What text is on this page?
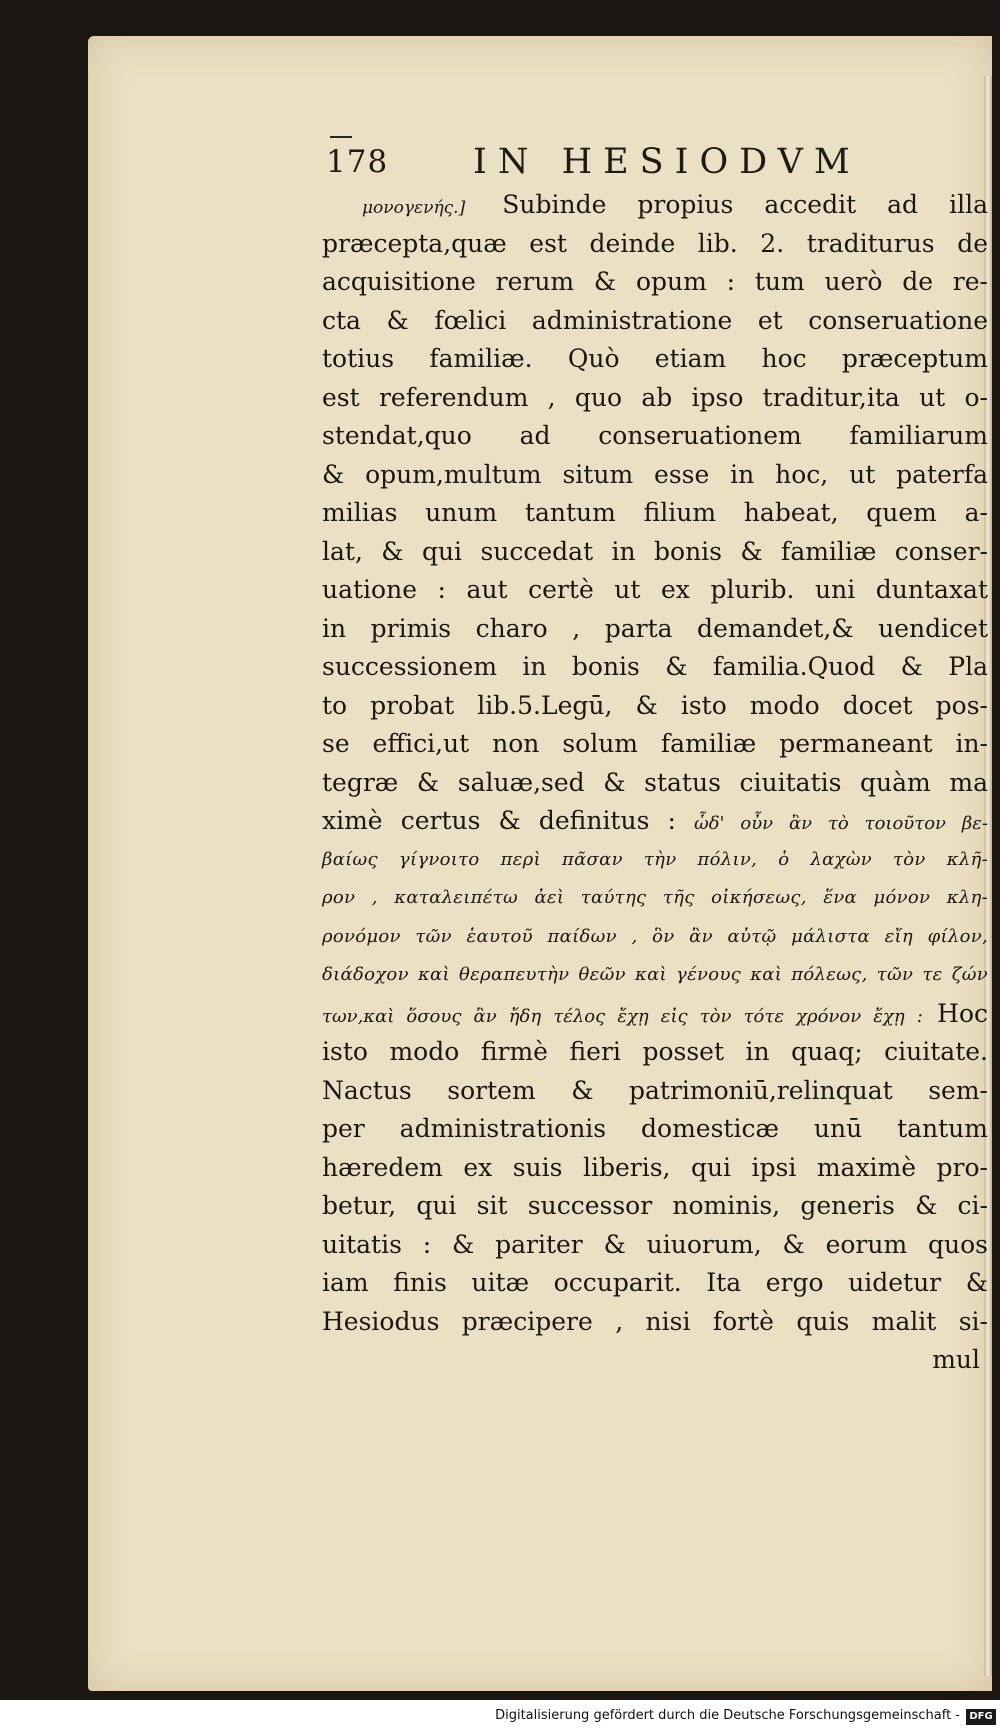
178 IN HESIODVM
μονογενής.] Subinde propius accedit ad illa
præcepta,quæ est deinde lib. 2. traditurus de
acquisitione rerum & opum : tum uerò de re-
cta & fœlici administratione et conseruatione
totius familiæ. Quò etiam hoc præceptum
est referendum , quo ab ipso traditur,ita ut o-
stendat,quo ad conseruationem familiarum
& opum,multum situm esse in hoc, ut paterfa
milias unum tantum filium habeat, quem a-
lat, & qui succedat in bonis & familiæ conser-
uatione : aut certè ut ex plurib. uni duntaxat
in primis charo , parta demandet,& uendicet
successionem in bonis & familia.Quod & Pla
to probat lib.5.Legū, & isto modo docet pos-
se effici,ut non solum familiæ permaneant in-
tegræ & saluæ,sed & status ciuitatis quàm ma
ximè certus & definitus : ὧδ' οὖν ἂν τὸ τοιοῦτον βε-
βαίως γίγνοιτο περὶ πᾶσαν τὴν πόλιν, ὁ λαχὼν τὸν κλῆ-
ρον , καταλειπέτω ἀεὶ ταύτης τῆς οἰκήσεως, ἕνα μόνον κλη-
ρονόμον τῶν ἑαυτοῦ παίδων , ὃν ἂν αὐτῷ μάλιστα εἴη φίλον,
διάδοχον καὶ θεραπευτὴν θεῶν καὶ γένους καὶ πόλεως, τῶν τε ζών
των,καὶ ὅσους ἂν ἤδη τέλος ἔχῃ εἰς τὸν τότε χρόνον ἔχῃ : Hoc
isto modo firmè fieri posset in quaq; ciuitate.
Nactus sortem & patrimoniū,relinquat sem-
per administrationis domesticæ unū tantum
hæredem ex suis liberis, qui ipsi maximè pro-
betur, qui sit successor nominis, generis & ci-
uitatis : & pariter & uiuorum, & eorum quos
iam finis uitæ occuparit. Ita ergo uidetur &
Hesiodus præcipere , nisi fortè quis malit si-
mul
Digitalisierung gefördert durch die Deutsche Forschungsgemeinschaft - DFG
